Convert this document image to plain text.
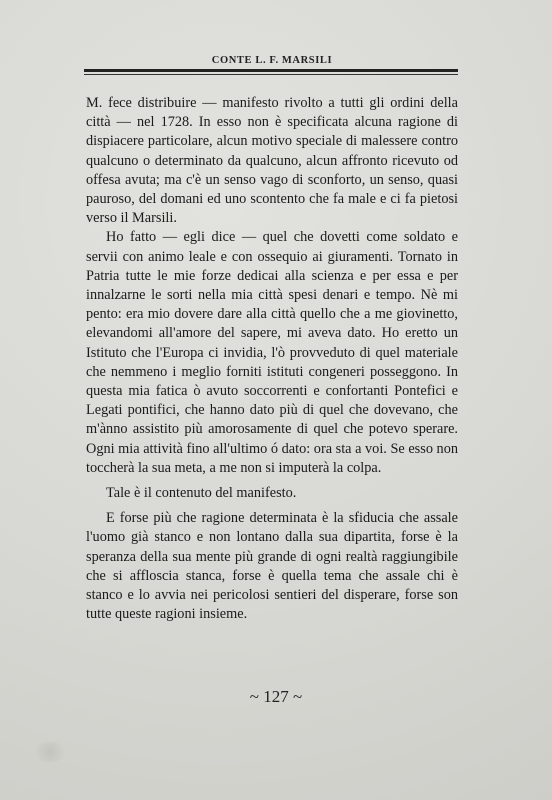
CONTE L. F. MARSILI

M. fece distribuire — manifesto rivolto a tutti gli ordini della città — nel 1728. In esso non è specificata alcuna ragione di dispiacere particolare, alcun motivo speciale di malessere contro qualcuno o determinato da qualcuno, alcun affronto ricevuto od offesa avuta; ma c'è un senso vago di sconforto, un senso, quasi pauroso, del domani ed uno scontento che fa male e ci fa pietosi verso il Marsili.

Ho fatto — egli dice — quel che dovetti come soldato e servii con animo leale e con ossequio ai giuramenti. Tornato in Patria tutte le mie forze dedicai alla scienza e per essa e per innalzarne le sorti nella mia città spesi denari e tempo. Nè mi pento: era mio dovere dare alla città quello che a me giovinetto, elevandomi all'amore del sapere, mi aveva dato. Ho eretto un Istituto che l'Europa ci invidia, l'ò provveduto di quel materiale che nemmeno i meglio forniti istituti congeneri posseggono. In questa mia fatica ò avuto soccorrenti e confortanti Pontefici e Legati pontifici, che hanno dato più di quel che dovevano, che m'ànno assistito più amorosamente di quel che potevo sperare. Ogni mia attività fino all'ultimo ó dato: ora sta a voi. Se esso non toccherà la sua meta, a me non si imputerà la colpa.

Tale è il contenuto del manifesto.

E forse più che ragione determinata è la sfiducia che assale l'uomo già stanco e non lontano dalla sua dipartita, forse è la speranza della sua mente più grande di ogni realtà raggiungibile che si affloscia stanca, forse è quella tema che assale chi è stanco e lo avvia nei pericolosi sentieri del disperare, forse son tutte queste ragioni insieme.

~ 127 ~
